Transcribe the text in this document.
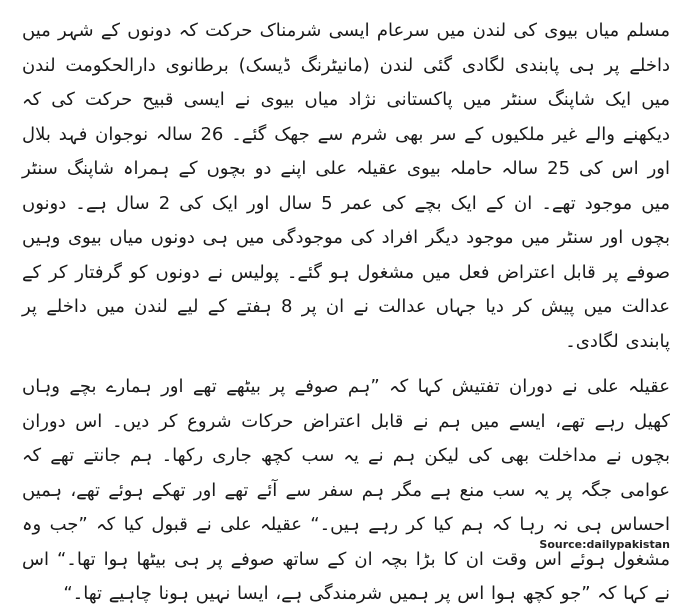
مسلم میاں بیوی کی لندن میں سرعام ایسی شرمناک حرکت کہ دونوں کے شہر میں داخلے پر ہی پابندی لگادی گئی لندن (مانیٹرنگ ڈیسک) برطانوی دارالحکومت لندن میں ایک شاپنگ سنٹر میں پاکستانی نژاد میاں بیوی نے ایسی قبیح حرکت کی کہ دیکھنے والے غیر ملکیوں کے سر بھی شرم سے جھک گئے۔ 26 سالہ نوجوان فہد بلال اور اس کی 25 سالہ حاملہ بیوی عقیلہ علی اپنے دو بچوں کے ہمراہ شاپنگ سنٹر میں موجود تھے۔ ان کے ایک بچے کی عمر 5 سال اور ایک کی 2 سال ہے۔ دونوں بچوں اور سنٹر میں موجود دیگر افراد کی موجودگی میں ہی دونوں میاں بیوی وہیں صوفے پر قابل اعتراض فعل میں مشغول ہو گئے۔ پولیس نے دونوں کو گرفتار کر کے عدالت میں پیش کر دیا جہاں عدالت نے ان پر 8 ہفتے کے لیے لندن میں داخلے پر پابندی لگادی۔

عقیلہ علی نے دوران تفتیش کہا کہ ”ہم صوفے پر بیٹھے تھے اور ہمارے بچے وہاں کھیل رہے تھے، ایسے میں ہم نے قابل اعتراض حرکات شروع کر دیں۔ اس دوران بچوں نے مداخلت بھی کی لیکن ہم نے یہ سب کچھ جاری رکھا۔ ہم جانتے تھے کہ عوامی جگہ پر یہ سب منع ہے مگر ہم سفر سے آئے تھے اور تھکے ہوئے تھے، ہمیں احساس ہی نہ رہا کہ ہم کیا کر رہے ہیں۔“ عقیلہ علی نے قبول کیا کہ ”جب وہ مشغول ہوئے اس وقت ان کا بڑا بچہ ان کے ساتھ صوفے پر ہی بیٹھا ہوا تھا۔“ اس نے کہا کہ ”جو کچھ ہوا اس پر ہمیں شرمندگی ہے، ایسا نہیں ہونا چاہیے تھا۔“

Source:dailypakistan
